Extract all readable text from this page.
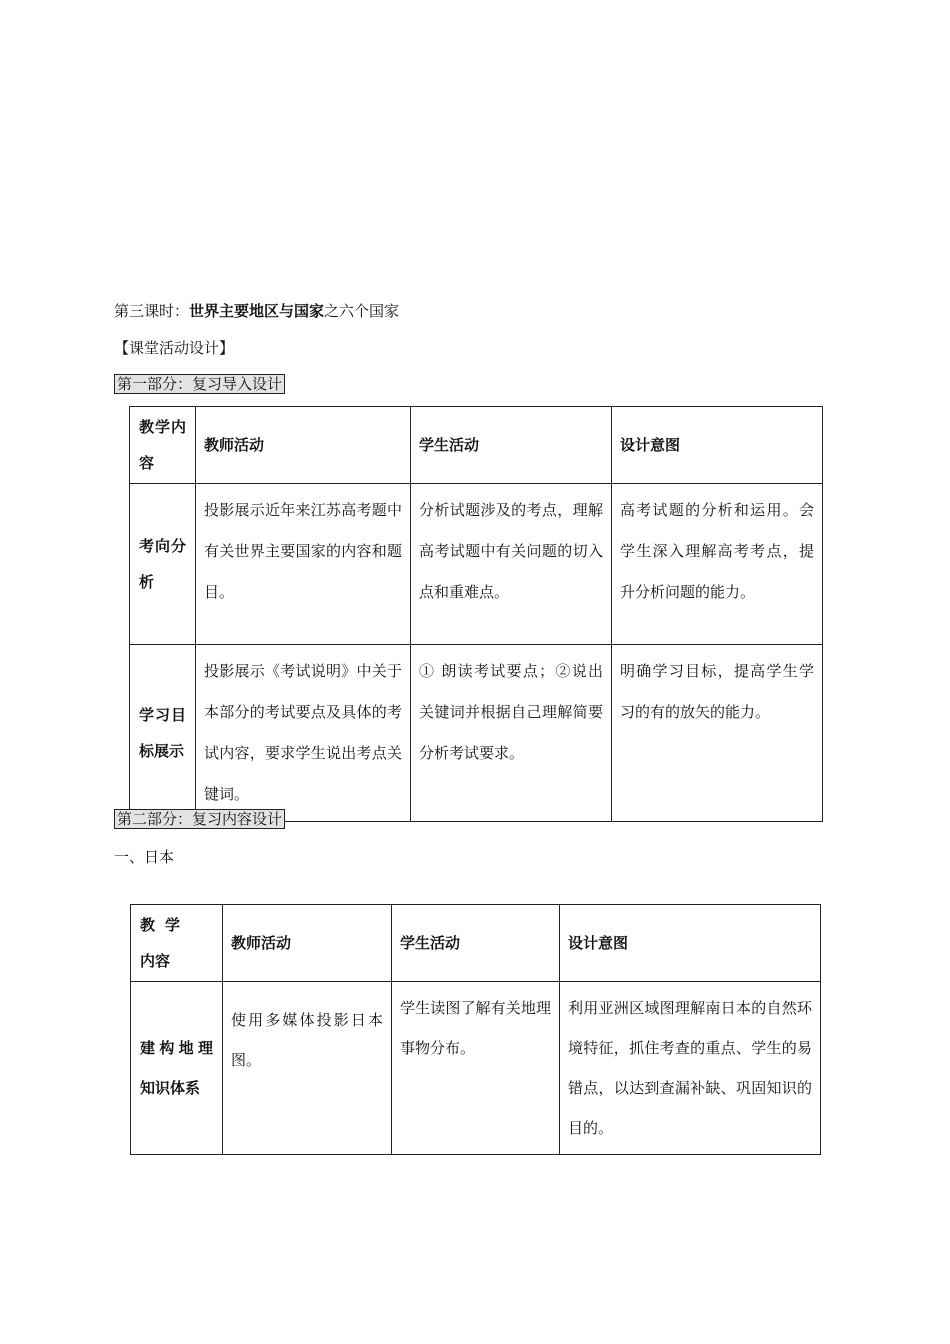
第三课时：世界主要地区与国家之六个国家
【课堂活动设计】
第一部分：复习导入设计
教学内容	教师活动	学生活动	设计意图
考向分析	投影展示近年来江苏高考题中有关世界主要国家的内容和题目。	分析试题涉及的考点，理解高考试题中有关问题的切入点和重难点。	高考试题的分析和运用。会学生深入理解高考考点，提升分析问题的能力。
学习目标展示	投影展示《考试说明》中关于本部分的考试要点及具体的考试内容，要求学生说出考点关键词。	① 朗读考试要点；②说出关键词并根据自己理解简要分析考试要求。	明确学习目标，提高学生学习的有的放矢的能力。
第二部分：复习内容设计
一、日本
教学内容	教师活动	学生活动	设计意图
建构地理知识体系	使用多媒体投影日本图。	学生读图了解有关地理事物分布。	利用亚洲区域图理解南日本的自然环境特征，抓住考查的重点、学生的易错点，以达到查漏补缺、巩固知识的目的。
